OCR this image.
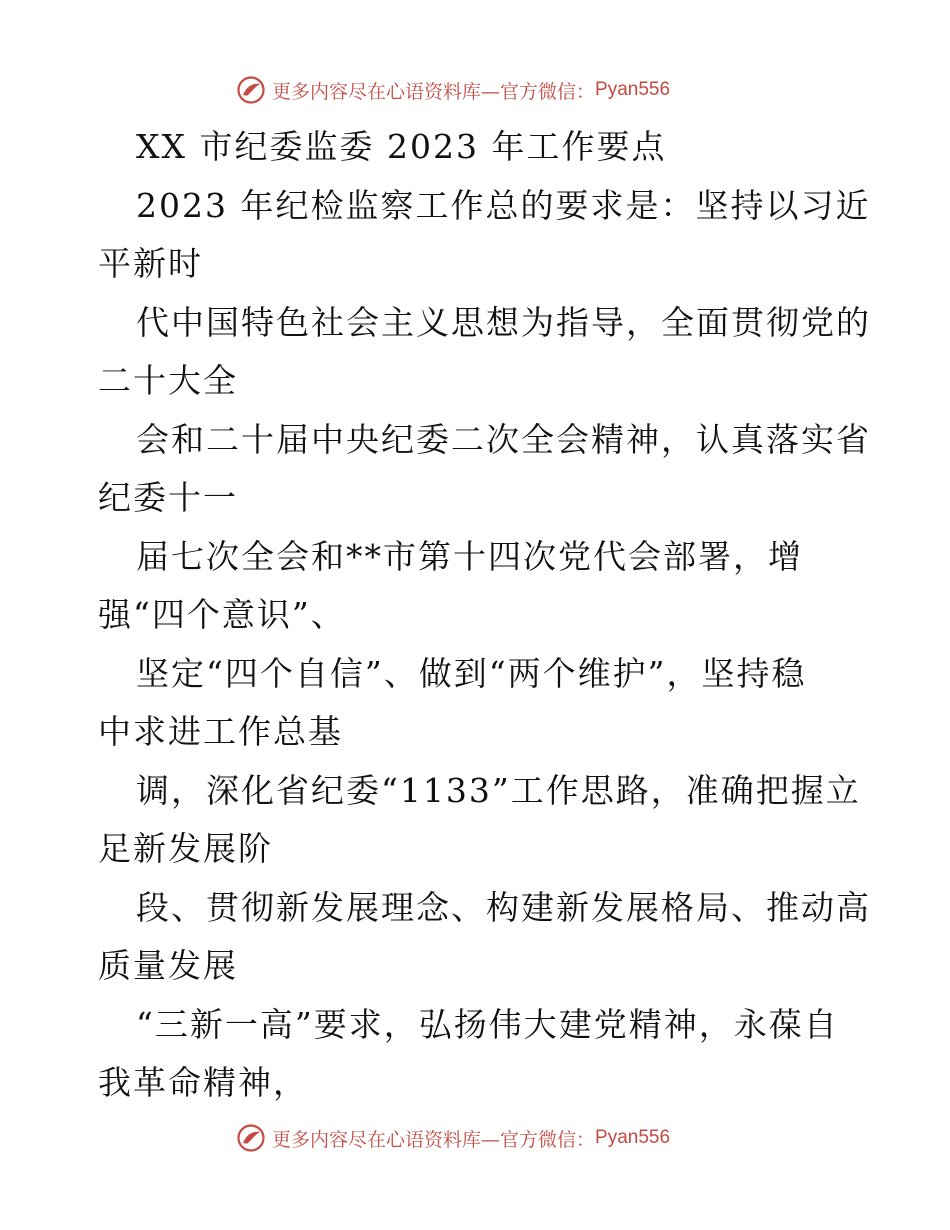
更多内容尽在心语资料库—官方微信： Pyan556
XX 市纪委监委 2023 年工作要点
2023 年纪检监察工作总的要求是：坚持以习近
平新时
代中国特色社会主义思想为指导，全面贯彻党的
二十大全
会和二十届中央纪委二次全会精神，认真落实省
纪委十一
届七次全会和**市第十四次党代会部署，增
强“四个意识”、
坚定“四个自信”、做到“两个维护”，坚持稳
中求进工作总基
调，深化省纪委“1133”工作思路，准确把握立
足新发展阶
段、贯彻新发展理念、构建新发展格局、推动高
质量发展
“三新一高”要求，弘扬伟大建党精神，永葆自
我革命精神，
更多内容尽在心语资料库—官方微信： Pyan556
